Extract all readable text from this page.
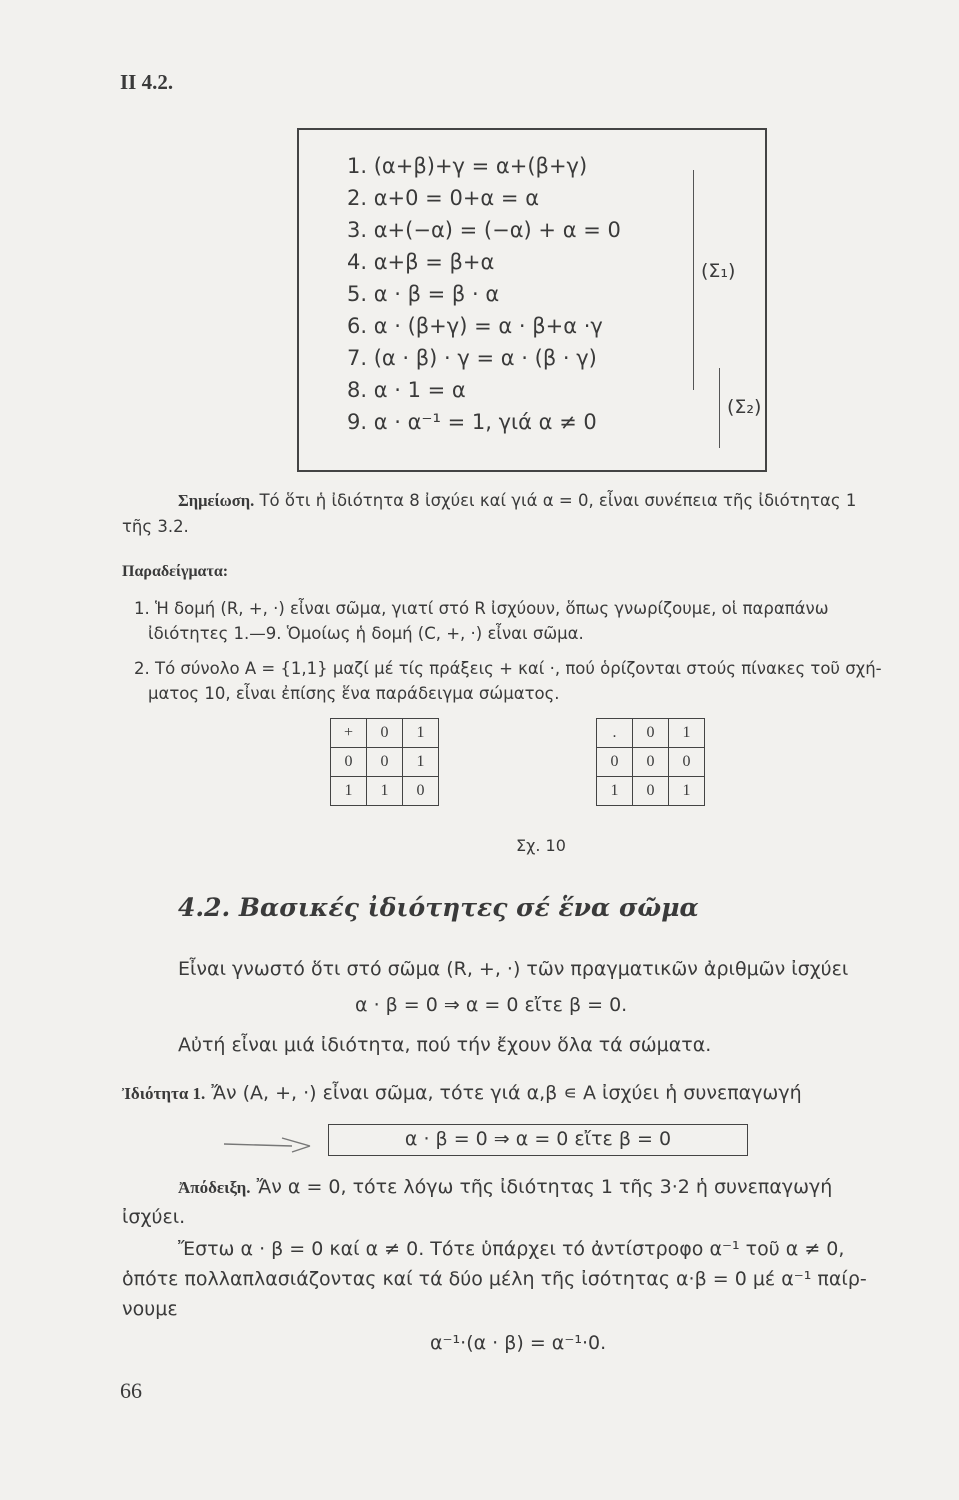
ΙΙ 4.2.
1. (α+β)+γ = α+(β+γ)
2. α+0 = 0+α = α
3. α+(−α) = (−α) + α = 0
4. α+β = β+α
5. α · β = β · α
6. α · (β+γ) = α · β+α ·γ
7. (α · β) · γ = α · (β · γ)
8. α · 1 = α
9. α · α⁻¹ = 1, γιά α ≠ 0
(Σ₁)
(Σ₂)
Σημείωση. Τό ὅτι ἡ ἰδιότητα 8 ἰσχύει καί γιά α = 0, εἶναι συνέπεια τῆς ἰδιότητας 1
τῆς 3.2.
Παραδείγματα:
1. Ἡ δομή (R, +, ·) εἶναι σῶμα, γιατί στό R ἰσχύουν, ὅπως γνωρίζουμε, οἱ παραπάνω
ἰδιότητες 1.—9. Ὁμοίως ἡ δομή (C, +, ·) εἶναι σῶμα.
2. Τό σύνολο Α = {1,1} μαζί μέ τίς πράξεις + καί ·, πού ὁρίζονται στούς πίνακες τοῦ σχή-
ματος 10, εἶναι ἐπίσης ἕνα παράδειγμα σώματος.
+	0	1
0	0	1
1	1	0
.	0	1
0	0	0
1	0	1
Σχ. 10
4.2. Βασικές ἰδιότητες σέ ἕνα σῶμα
Εἶναι γνωστό ὅτι στό σῶμα (R, +, ·) τῶν πραγματικῶν ἀριθμῶν ἰσχύει
α · β = 0 ⇒ α = 0 εἴτε β = 0.
Αὐτή εἶναι μιά ἰδιότητα, πού τήν ἔχουν ὅλα τά σώματα.
Ἰδιότητα 1. Ἄν (Α, +, ·) εἶναι σῶμα, τότε γιά α,β ∊ Α ἰσχύει ἡ συνεπαγωγή
α · β = 0 ⇒ α = 0 εἴτε β = 0
Ἀπόδειξη. Ἄν α = 0, τότε λόγω τῆς ἰδιότητας 1 τῆς 3·2 ἡ συνεπαγωγή
ἰσχύει.
Ἔστω α · β = 0 καί α ≠ 0. Τότε ὑπάρχει τό ἀντίστροφο α⁻¹ τοῦ α ≠ 0,
ὁπότε πολλαπλασιάζοντας καί τά δύο μέλη τῆς ἰσότητας α·β = 0 μέ α⁻¹ παίρ-
νουμε
α⁻¹·(α · β) = α⁻¹·0.
66
